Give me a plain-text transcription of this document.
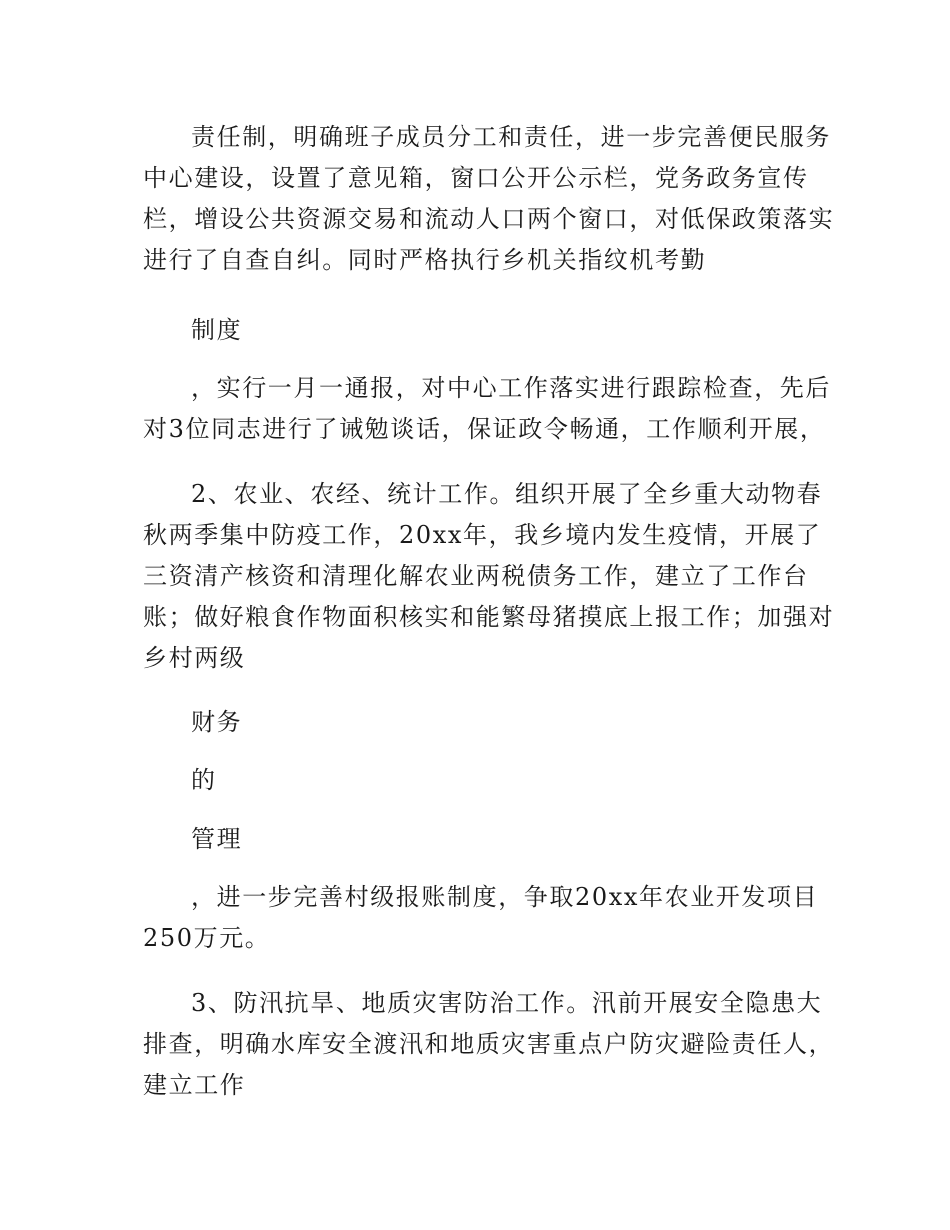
责任制，明确班子成员分工和责任，进一步完善便民服务
中心建设，设置了意见箱，窗口公开公示栏，党务政务宣传
栏，增设公共资源交易和流动人口两个窗口，对低保政策落实
进行了自查自纠。同时严格执行乡机关指纹机考勤
制度
，实行一月一通报，对中心工作落实进行跟踪检查，先后
对3位同志进行了诫勉谈话，保证政令畅通，工作顺利开展，
2、农业、农经、统计工作。组织开展了全乡重大动物春
秋两季集中防疫工作，20xx年，我乡境内发生疫情，开展了
三资清产核资和清理化解农业两税债务工作，建立了工作台
账；做好粮食作物面积核实和能繁母猪摸底上报工作；加强对
乡村两级
财务
的
管理
，进一步完善村级报账制度，争取20xx年农业开发项目
250万元。
3、防汛抗旱、地质灾害防治工作。汛前开展安全隐患大
排查，明确水库安全渡汛和地质灾害重点户防灾避险责任人，
建立工作
